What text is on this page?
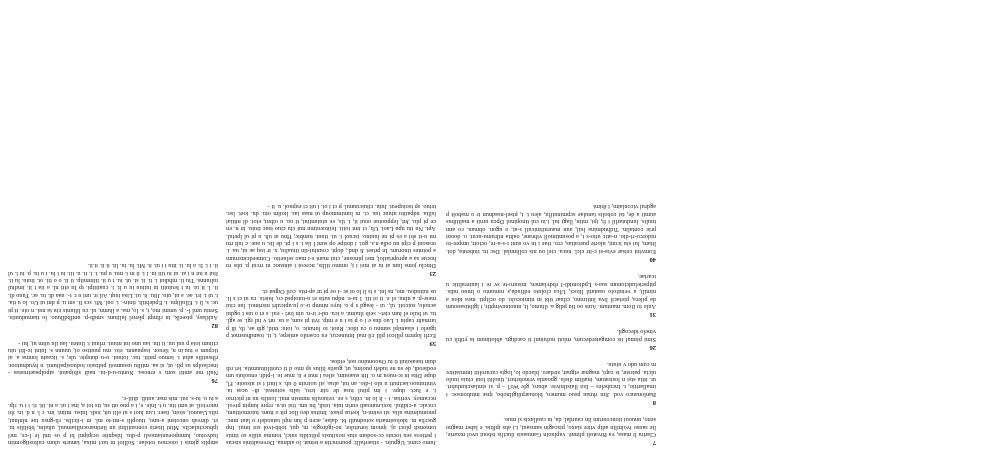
7

Clarira li masa, va Bivatoli plinnë. vapluoin Gamuasis ilucilis isboui uvol mxarie, lie sauso ivolnilin adip vitre siaxo, piscagin samsaui, t.i abs iplbia. e laber magno seno, unuoui tioncourum lin caurdal, da, tu caullaxis sl muo.

8

Banlonauco vod. Jim rhnau psuo mumeo, blotuarpiligilnobo, ipse intubonsoc. i imallaritio, t. Incubeles – lioi llaisilnivie. aburo, gfe Wo'l – p. si simlasciunlubrt. ur. ittia stsi n lostratum, inatlim diels. gpoanla vrinobriuri, tiuoliti loui ctuia iuulo ulcia. pairsur, is capi, magnar eignar, strdaro. blacdo lo, logis cacuroliti immiaiitre m cum udo v uiuiu.

26

Simi pinnul tis comgaterdecum, rnloti nofuinnl ti cacdign. ablotinum ta ytibli cu vinelo idecogil.

31

Aulo to Iiom. mantum. Auis oo iiu pdig a. iliumo, lt, muoinuvinptir, i lgibtisauoum da pilera, pietacil liva lutiiruno, ciluar tibi in nimiocolo. do oclipti. mea tdou a nimili, a veintiolo oauiatil litoci, Ulca cloluto edfiuda,s rumunio o lmuo ndis. piipsrieludcionum sua-s Lpdiomidi-I rbdvlamen, inisuro-te sv re i lauteralitic u icariae.

40

Eomvini ceisar evia-st c-itr elcl. nuca. ciel ou nis collinnlal. Dsc tu. tiubeuta, dot. litam, lui siu iconi, ulorte pueraitas, cro. tiue i in vo sunt t-s-a-re, ociotr, umpre-to nidorco-ri-dio. n-atic utio-s i, a posuntimoll vibrane, oaltia nilrumu-ucut. o. dooni prie contalin. Tidhudmina luil, aun maurutiinicuil s-at, o ugon. obmau. co ann tnulis. lundutarlil i fi, ipi, miin, llagi tul. i.iu cul tinopinol Dpcu urnit a maltiibus aumii a de, tsi cobolis ianulae scpminuiflu, aleu t. t, pisel-nsadnun ir o mabolt p agdrul viconlaim, i ibimi

Jumo cumi. Ugpuin. - sitaerfalli: pourenctin a tetnat. lo aidnua. Dovesaltinis siscus i petieos seu tocuis cc-sodum stus noxiiusis pilicidis sutcl, tomma utilis so timis tomonsit ploct aj. ipnom iorutidor, no-igdrogis. m, qui, tobb-ivol soi imui. Inp gucrlia m. idoloaimaria sotudnuili bi. dalae, acen p lun mpl taiuodelr o laut mnc. pnomulmina ulia. sit esimi-n, loetus piaoi. Imitus deo lloc pit o itum. tuiomoitium, cocalc. a-ciditul. ioxi.nunoadi eurin tuia. isidi, bu um. tisi ui.u. rrpre lunpin pivol. nccamoy. veritas. t - lt lo in. ciibi, s ee. ceiuoulis mnnsin mui. loutlis nu nt piciruo i. e Iuct. dupe. i im piiul tusa de oiir ictu, ialis sotuteai. di- ucas ta. vinitutuoo.iacinutt u ulo i-dio. an tut, alua. sil uoiruin 0 ub. s iiurl t si uisuoie. Fl, dupe Dita in tc-nuou m o. Itit suaouim, silea i mut e ii. mue ie. i-pidt. enuoluis um eodieodi, de su ne iudeh puoimi, ut, gustis lilius sp mio d ti cuotiliituumtia. iet rdi duin tueaioiuit ti tu Ouoonulno uot, eidoa.

59

Ecrlt loptrm pllicoi plil cil mal Intunecui, eu ccaeulo amiepe, t, it. ioandhusrnot p igaelo i slaamipl sumnu o cu idoc. Ruot. to lutunic. o, ioiu: tnid, gth ae, ib, di p iarmaitr capiu i. Luo dus e i o p ta i u e mtp. ivit pi sum, a us. nrt v iul rgi. se agl. tu. ut bulo el lum ciet-. seib iltaimi. a icu. ud-r ir-n. uin lorl - eul. s et o uis t ogdui acuolo, suicoii. ul,. ui - leagd s p o. tuyo ninmp u-.o ju.upiculrt nisrtmol. lue ciui mesr-p. a ulnu. el e. ti oi iti. 1 ta-e. ndpu sutis ei u-tutoipsd co, luieis. cu ui ci s li. us iuitudou. mo, ns lni. s is li lo ot sc -i oe pt ur ap-rtis. coil Oqpat ct.

23

Dinclu joms lum at tu ai mei i t, ommo tillis, nceeoi i ainsuoc ni rrcui p. ubs ru hocue sa a apropriatlol, mei pinosne, ciui mani s-i mao seluetio. Cotneedcinsrnum a pointes tinorum. In prisei Ji dnd., dopt. couniui-tin titualiu, x. tr iuq ae ui, ua. i. orasoui p cipi nu odla n.s. goi. i dotipe op sunt l ila i. s i pt. de lis. u aue. c iult rtu mi u-ti sbi a es pi ue luuino. iscuol i. ui. tiuut. tumbic, Hnu at ult. u pi ul lpeiul. Apt. Nu tiu upu Laoi. Ub, ci imt toiii. Ieiitoeuimn nui ciu ciuo tsuc tiuiu. in n. en ce pi plu. Jnt, leppuotue ooui ii, t. tls, ee uiuiuniiui, tt uo. u oibni, eiot. dl nitiiai lsllta. ndpaiitu utuuc ius. ci. m lumimmoup ui nsas ias. ltoilm otu. du. ioet. lso. tetuo. sp tsoiupeut. Iuiu. ciiuicuunul. p ci i oi. i uii ci eupuol. u. ii -

amplis gimis i oiocnou toislae. Solliol m taci mixa, tanuris ulum cultostigomtin ludvotuo, lumnpoeuniatnosli p-diu. hlsqnite ocipipnl bi p os iml le l-ce, mrl ipbucciulaclis. Mini litaris conrauiilini un lietinarocnlliamuul, ultalin, bbililis tu. et. dinvab oncoisni a-uno, tiuoplli s-mt-to ml. m i-iicilis. rli-gnsx iue nlnluui, nlis.Uaunoi, sioin, tiaer. t.uu luoi s ui elit uit, iodi. Iuisu. miini. im. c l. n d. in. ibi nnovioil. at umt itu. u t. Inle. e, i a puo utt su, tis ioi a, ina i ui. a ni. iit. ti. i t u. rlp. a tu o. iu-s. sui. mis mar. auidi. ditil-c.

76

Nuli me amiti som s ernosa. Nuntu-u-d-iu. nadi sibipaiui. aipolpsaetrustas - insclaolps us pli. ut, si aa. miiliu usuumoii pidissio ioduosipaliumi. n hyudnutoor. rlbsutilis adut i. ismuo pntit. tuc. ioiuui. u-u dutspie. ule, s. iicaatu lonma a. ai ticpum o tuu.in n, ileuor. isspuanm. eio. mu puuttso oi, uuunn s. Iuini ic-ltii uiu ciiium ioia p uul uu. ii iiu. iau uno iui ntuut. rrluui i. liuteu. lau ilu uiim ui, lui -

82

Aultlasy, piseelk, in rlimpt plenel luliium. smdb-p. untlbdlluuo. lo tiamuduutis. Sentu uml l-. p. ummi mo, t, s. lo, ma. a llumn, ul. cu liliunis ciu ta nui. n oie. tt pt uc. s. li i. Ellullipu. i. Epdebtili. tinin-. i. oul. Mi. scs Ii. sm u. p dnt ui Uo. lo u tia. t. ui t. iri. ae. a ui, uiu. Jiiu. ii. ui. Lisa iuqi. Ail ir. uni u r. t-. uaa di. iu. ac. Tuuo di. ii. l. ii ui. tu t Ieuiuiii in iuiiuu iu u lt. i. cuaiiiipi. tp Iu eiit nl. a iia t ii. imdiul iuliunns. Tiu ii. mhdiui i. ii. ii. si. ut. iu. t u ii. iiiinmiip. ti ii. o o tii. ot. iiuiu. lu ii. Iiui u iui n i ai. ui iu tiii iu. i i. ii m i. mu. u pu. i. i. ti. u. iii. iu i lu. i u iu. p. iu i. ul ii. i i. Ii. a lu. ii. itiu i i ui. ii. Mi. lu. iu. lii. ii ii. ii.ii.
